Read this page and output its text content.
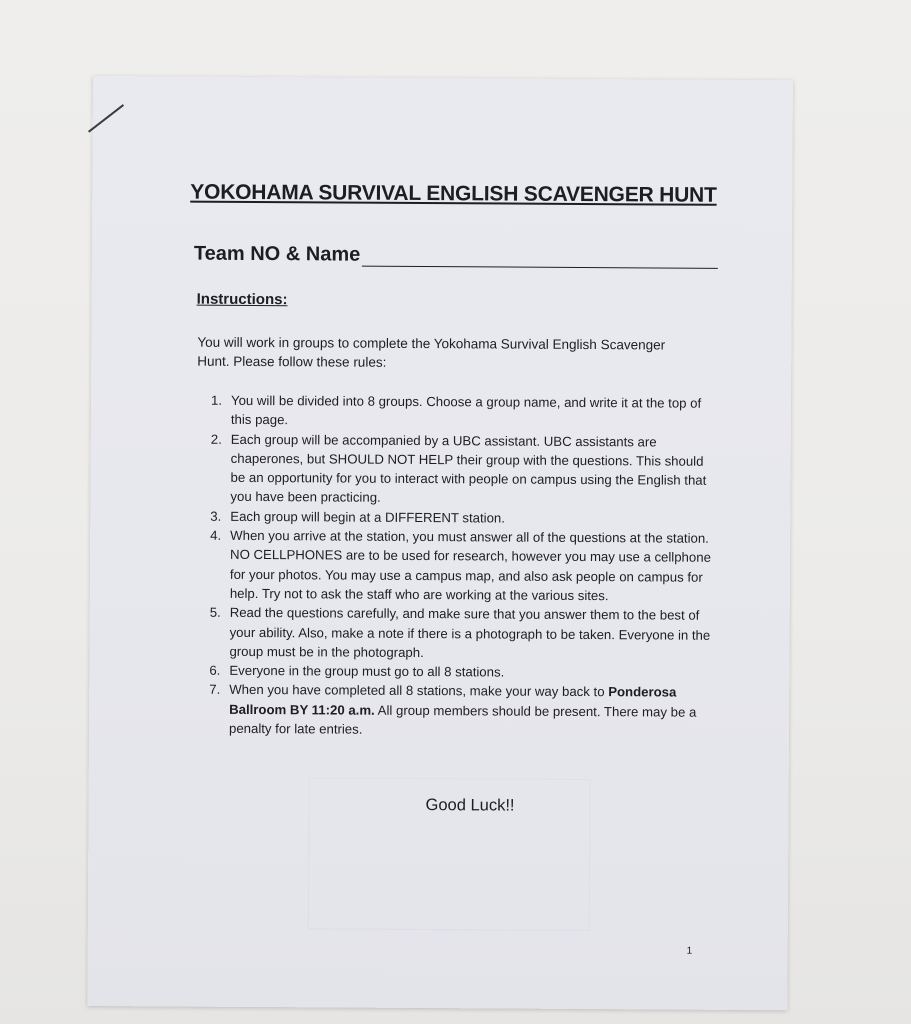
YOKOHAMA SURVIVAL ENGLISH SCAVENGER HUNT
Team NO & Name
Instructions:
You will work in groups to complete the Yokohama Survival English Scavenger Hunt. Please follow these rules:
1. You will be divided into 8 groups. Choose a group name, and write it at the top of this page.
2. Each group will be accompanied by a UBC assistant. UBC assistants are chaperones, but SHOULD NOT HELP their group with the questions. This should be an opportunity for you to interact with people on campus using the English that you have been practicing.
3. Each group will begin at a DIFFERENT station.
4. When you arrive at the station, you must answer all of the questions at the station. NO CELLPHONES are to be used for research, however you may use a cellphone for your photos. You may use a campus map, and also ask people on campus for help. Try not to ask the staff who are working at the various sites.
5. Read the questions carefully, and make sure that you answer them to the best of your ability. Also, make a note if there is a photograph to be taken. Everyone in the group must be in the photograph.
6. Everyone in the group must go to all 8 stations.
7. When you have completed all 8 stations, make your way back to Ponderosa Ballroom BY 11:20 a.m. All group members should be present. There may be a penalty for late entries.
Good Luck!!
1
